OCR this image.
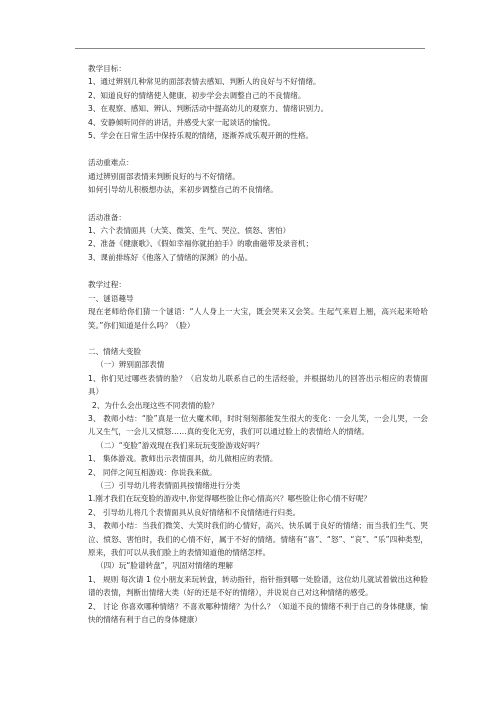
教学目标：

1、通过辨别几种常见的面部表情去感知、判断人的良好与不好情绪。

2、知道良好的情绪使人健康、初步学会去调整自己的不良情绪。

3、在观察、感知、辨认、判断活动中提高幼儿的观察力、情绪识别力。

4、安静倾听同伴的讲话，并感受大家一起谈话的愉悦。

5、学会在日常生活中保持乐观的情绪，逐渐养成乐观开朗的性格。

活动重难点：

通过辨别面部表情来判断良好的与不好情绪。

如何引导幼儿积极想办法，来初步调整自己的不良情绪。

活动准备：

1、六个表情面具（大笑、微笑、生气、哭泣、愤怒、害怕）

2、准备《健康歌》、《假如幸福你就拍拍手》的歌曲磁带及录音机；

3、课前排练好《他落入了情绪的深渊》的小品。

教学过程：

一、谜语趣导

现在老师给你们猜一个谜语：“人人身上一大宝，既会哭来又会笑。生起气来眉上翘，高兴起来哈哈笑。”你们知道是什么吗？（脸）

二、情绪大变脸

（一）辨别面部表情

1、你们见过哪些表情的脸？（启发幼儿联系自己的生活经验，并根据幼儿的回答出示相应的表情面具）

2、为什么会出现这些不同表情的脸？

3、 教师小结：“脸”真是一位大魔术师，时时刻刻都能发生很大的变化：一会儿笑，一会儿哭，一会儿又生气，一会儿又愤怒……真的变化无穷，我们可以通过脸上的表情给人的情绪。

（二）“变脸”游戏现在我们来玩玩变脸游戏好吗？

1、 集体游戏。教师出示表情面具，幼儿做相应的表情。

2、 同伴之间互相游戏：你说我来做。

（三）引导幼儿将表情面具按情绪进行分类

1.刚才我们在玩变脸的游戏中,你觉得哪些脸让你心情高兴？哪些脸让你心情不好呢？

2、 引导幼儿将几个表情面具从良好情绪和不良情绪进行归类。

3、 教师小结：当我们微笑、大笑时我们的心情好，高兴、快乐属于良好的情绪；而当我们生气、哭泣、愤怒、害怕时，我们的心情不好，属于不好的情绪。情绪有“喜”、“怒”、“哀”、“乐”四种类型，原来，我们可以从我们脸上的表情知道他的情绪怎样。

（四）玩“脸谱转盘”，巩固对情绪的理解

1、 规则 每次请 1 位小朋友来玩转盘，转动指针，指针指到哪一处脸谱，这位幼儿就试着做出这种脸谱的表情，判断出情绪大类（好的还是不好的情绪），并说说自己对这种情绪的感受。

2、 讨论 你喜欢哪种情绪？不喜欢哪种情绪？为什么？（知道不良的情绪不利于自己的身体健康，愉快的情绪有利于自己的身体健康）
